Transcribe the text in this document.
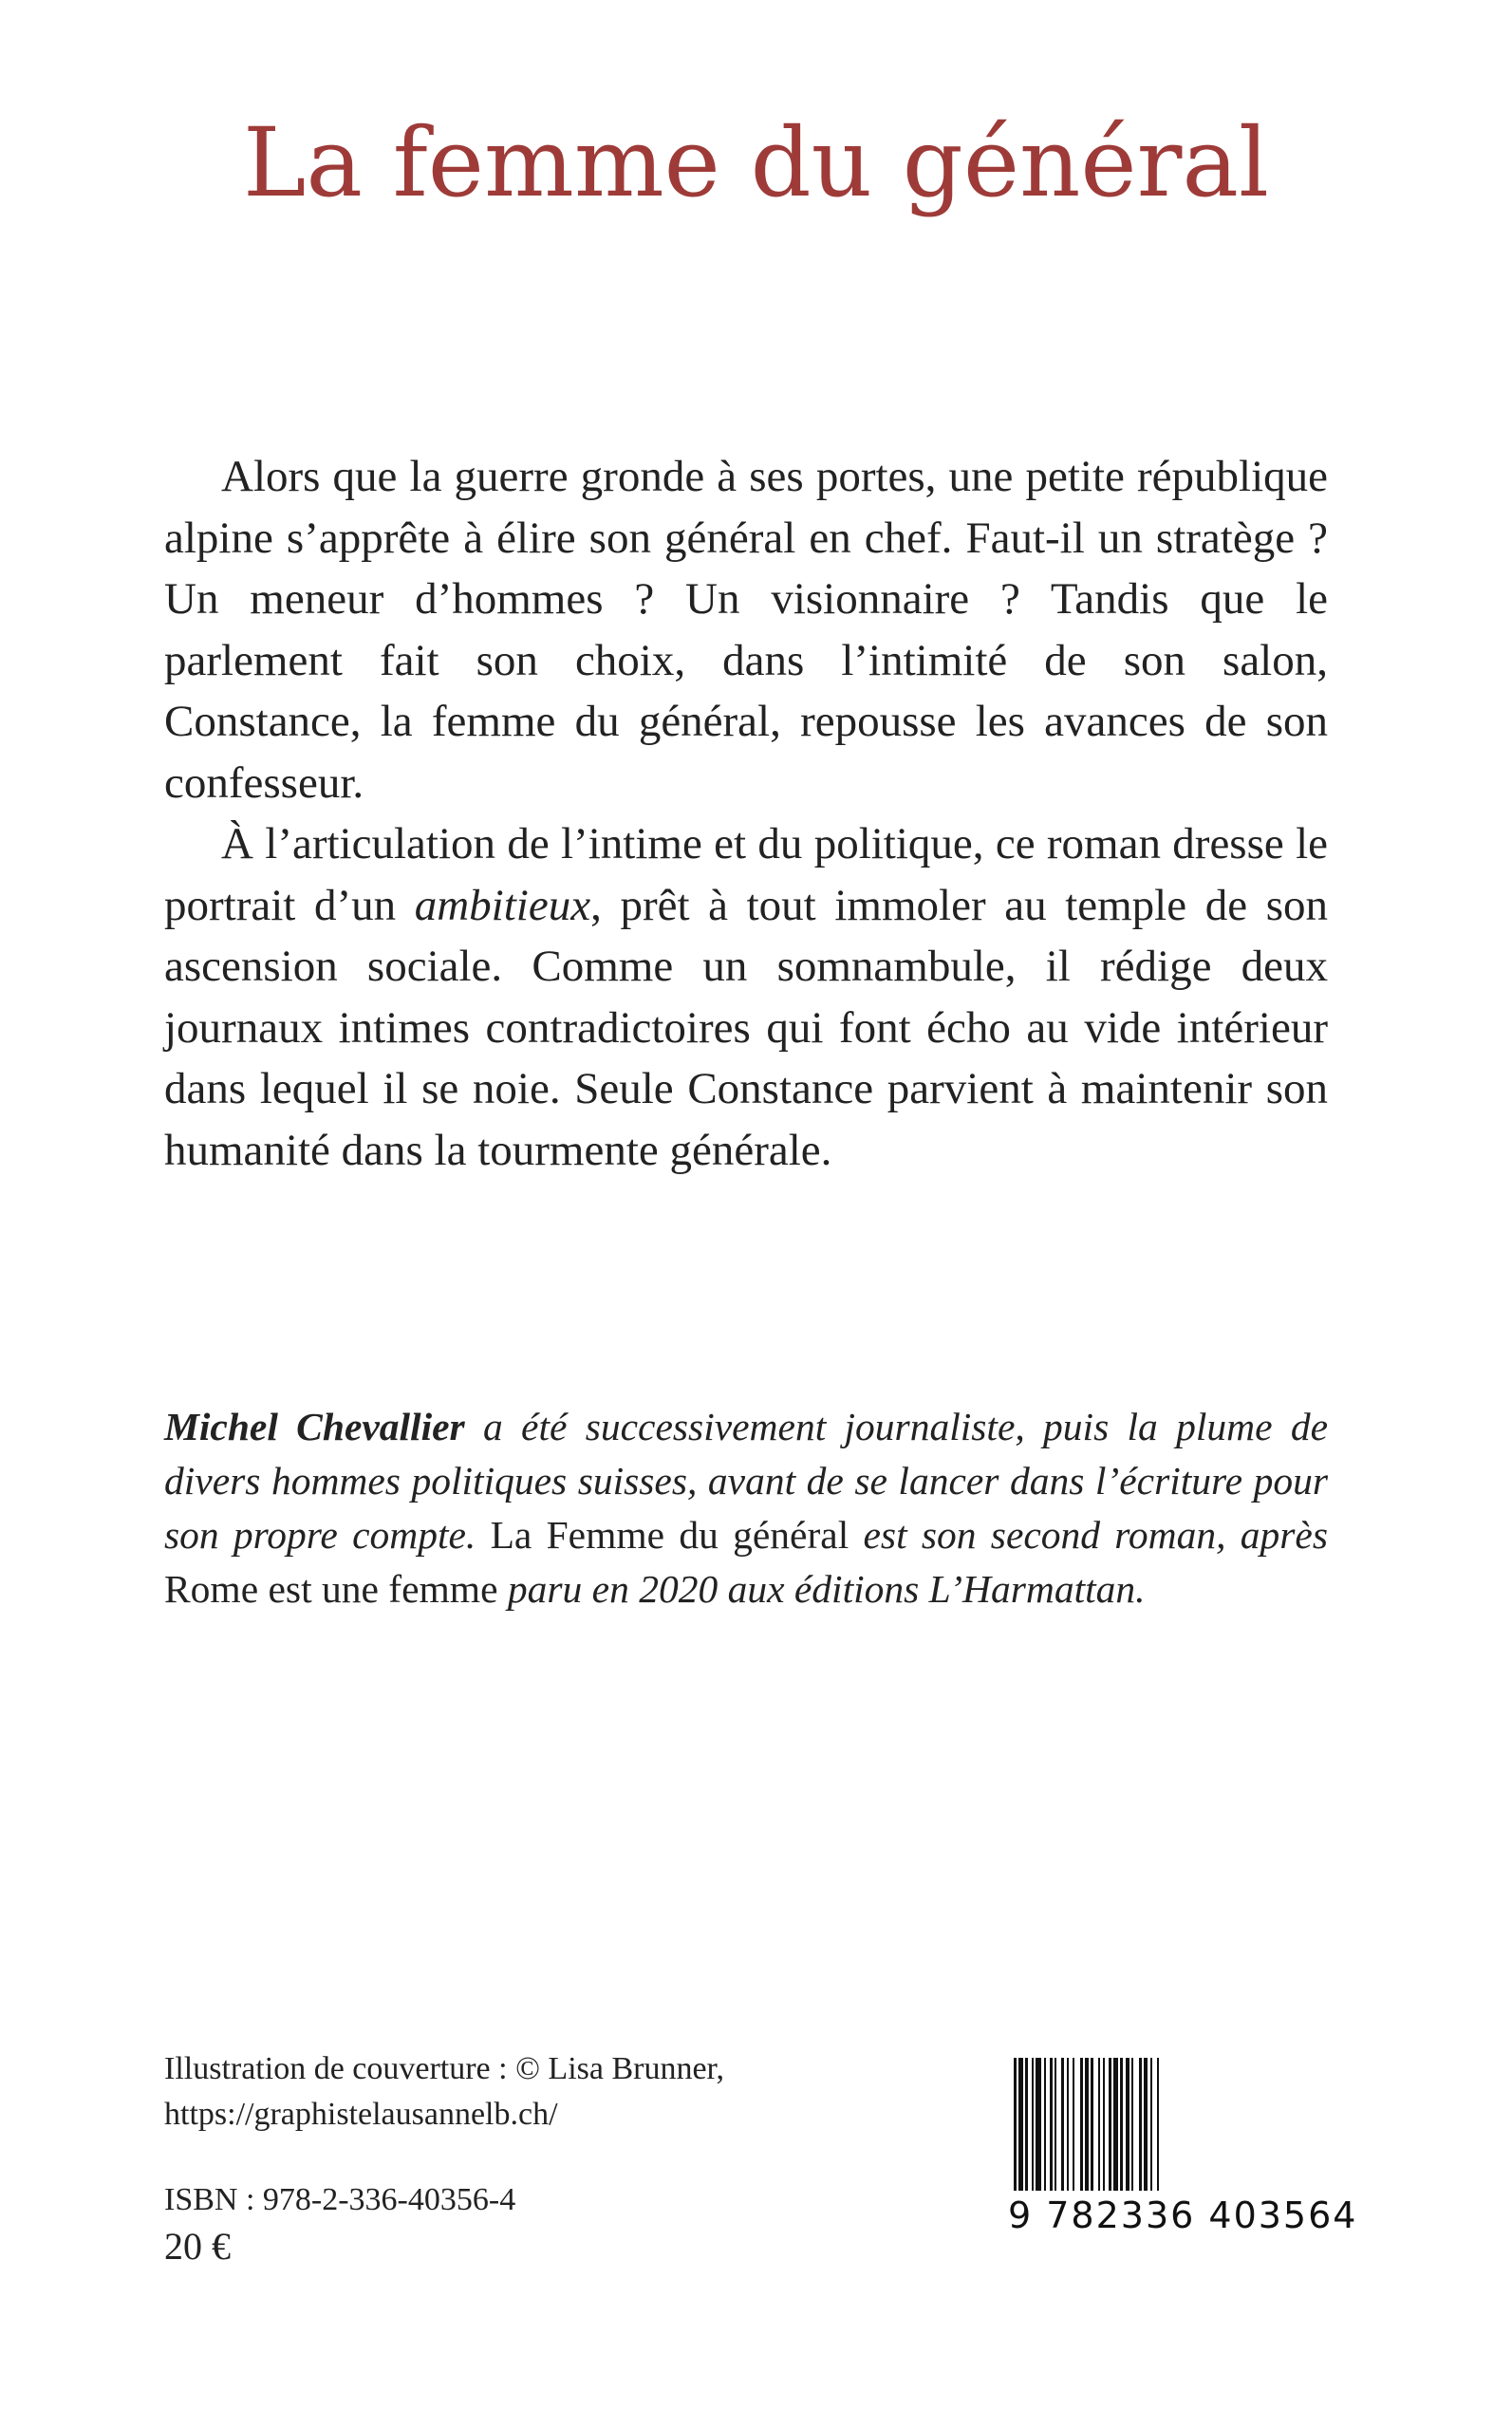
La femme du général

Alors que la guerre gronde à ses portes, une petite république alpine s’apprête à élire son général en chef. Faut-il un stratège ? Un meneur d’hommes ? Un visionnaire ? Tandis que le parlement fait son choix, dans l’intimité de son salon, Constance, la femme du général, repousse les avances de son confesseur.

À l’articulation de l’intime et du politique, ce roman dresse le portrait d’un ambitieux, prêt à tout immoler au temple de son ascension sociale. Comme un somnambule, il rédige deux journaux intimes contradictoires qui font écho au vide intérieur dans lequel il se noie. Seule Constance parvient à maintenir son humanité dans la tourmente générale.

Michel Chevallier a été successivement journaliste, puis la plume de divers hommes politiques suisses, avant de se lancer dans l’écriture pour son propre compte. La Femme du général est son second roman, après Rome est une femme paru en 2020 aux éditions L’Harmattan.

Illustration de couverture : © Lisa Brunner,
https://graphistelausannelb.ch/
ISBN : 978-2-336-40356-4
20 €
9 782336 403564
